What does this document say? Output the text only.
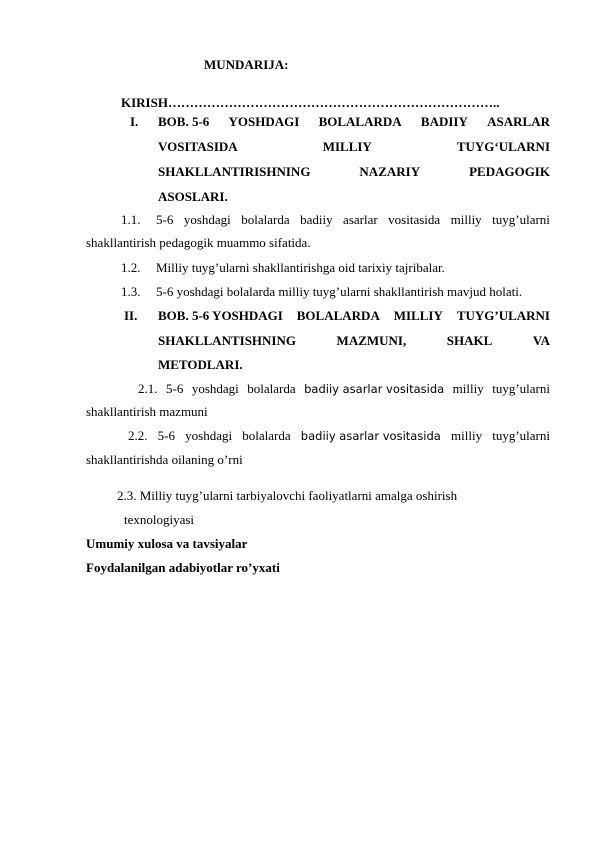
MUNDARIJA:
KIRISH…………………………………………………………………..
I. BOB. 5-6 YOSHDAGI BOLALARDA BADIIY ASARLAR
VOSITASIDA	MILLIY	TUYG‘ULARNI
SHAKLLANTIRISHNING	NAZARIY	PEDAGOGIK
ASOSLARI.
1.1. 5-6 yoshdagi bolalarda badiiy asarlar vositasida milliy tuyg’ularni
shakllantirish pedagogik muammo sifatida.
1.2. Milliy tuyg’ularni shakllantirishga oid tarixiy tajribalar.
1.3. 5-6 yoshdagi bolalarda milliy tuyg’ularni shakllantirish mavjud holati.
II. BOB. 5-6 YOSHDAGI BOLALARDA MILLIY TUYG’ULARNI
SHAKLLANTISHNING	MAZMUNI,	SHAKL	VA
METODLARI.
2.1. 5-6 yoshdagi bolalarda badiiy asarlar vositasida milliy tuyg’ularni
shakllantirish mazmuni
2.2. 5-6 yoshdagi bolalarda badiiy asarlar vositasida milliy tuyg’ularni
shakllantirishda oilaning o’rni
2.3. Milliy tuyg’ularni tarbiyalovchi faoliyatlarni amalga oshirish
texnologiyasi
Umumiy xulosa va tavsiyalar
Foydalanilgan adabiyotlar ro’yxati
